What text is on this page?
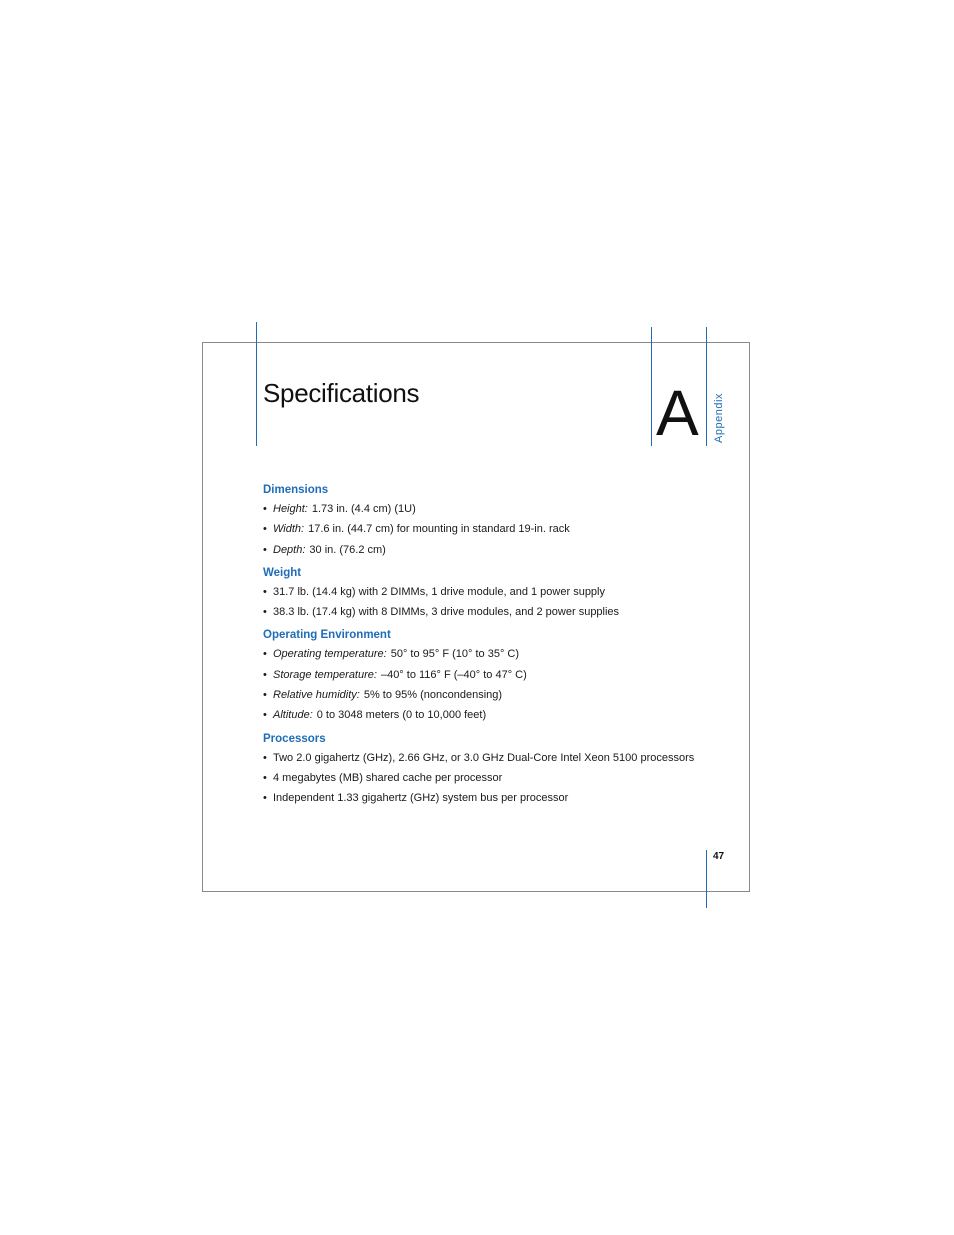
Specifications	A Appendix
Dimensions
• Height: 1.73 in. (4.4 cm) (1U)
• Width: 17.6 in. (44.7 cm) for mounting in standard 19-in. rack
• Depth: 30 in. (76.2 cm)
Weight
• 31.7 lb. (14.4 kg) with 2 DIMMs, 1 drive module, and 1 power supply
• 38.3 lb. (17.4 kg) with 8 DIMMs, 3 drive modules, and 2 power supplies
Operating Environment
• Operating temperature: 50° to 95° F (10° to 35° C)
• Storage temperature: –40° to 116° F (–40° to 47° C)
• Relative humidity: 5% to 95% (noncondensing)
• Altitude: 0 to 3048 meters (0 to 10,000 feet)
Processors
• Two 2.0 gigahertz (GHz), 2.66 GHz, or 3.0 GHz Dual-Core Intel Xeon 5100 processors
• 4 megabytes (MB) shared cache per processor
• Independent 1.33 gigahertz (GHz) system bus per processor
47
